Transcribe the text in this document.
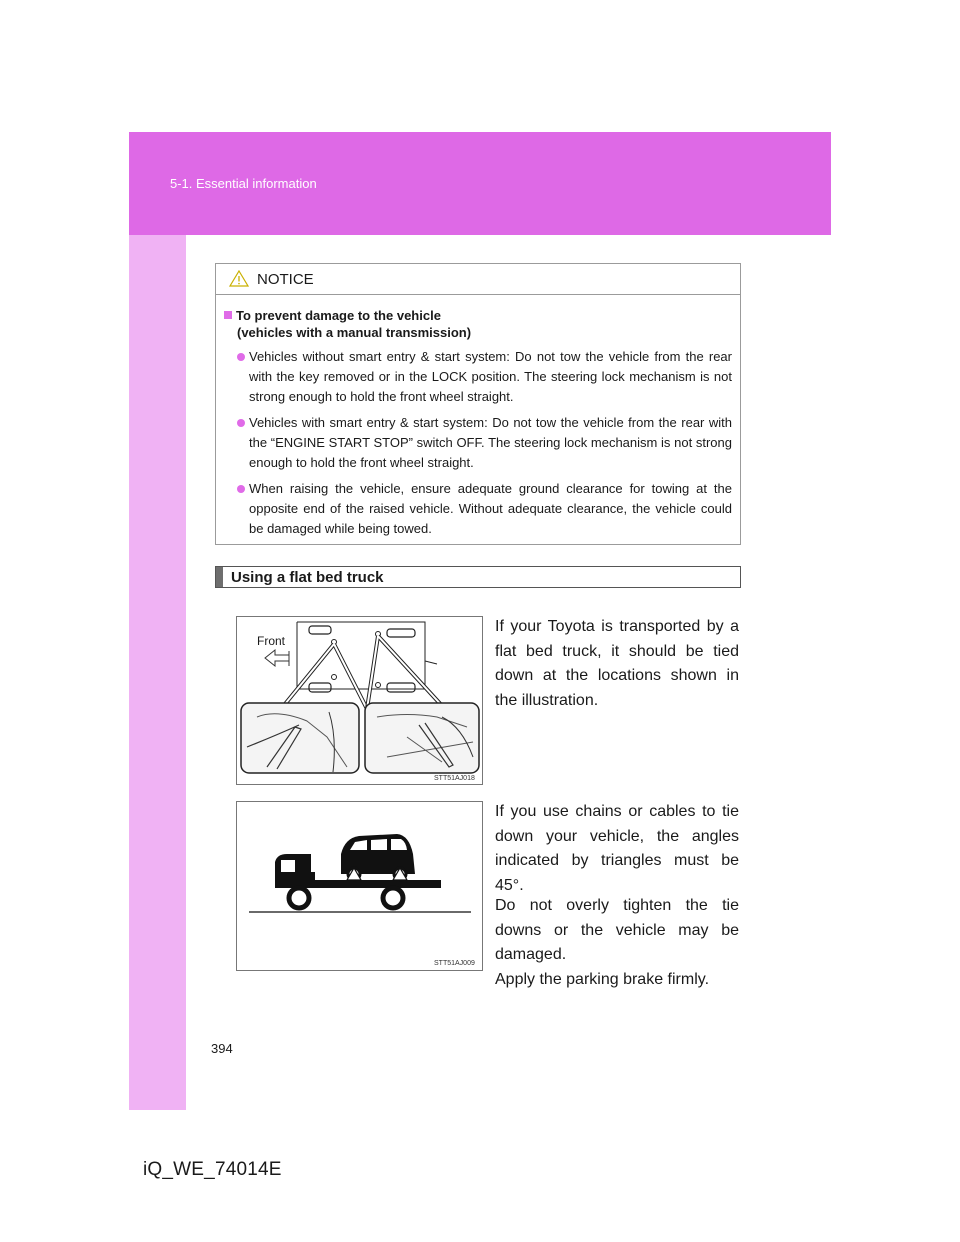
5-1. Essential information
NOTICE
To prevent damage to the vehicle
(vehicles with a manual transmission)
Vehicles without smart entry & start system: Do not tow the vehicle from the rear with the key removed or in the LOCK position. The steering lock mechanism is not strong enough to hold the front wheel straight.
Vehicles with smart entry & start system: Do not tow the vehicle from the rear with the “ENGINE START STOP” switch OFF. The steering lock mechanism is not strong enough to hold the front wheel straight.
When raising the vehicle, ensure adequate ground clearance for towing at the opposite end of the raised vehicle. Without adequate clearance, the vehicle could be damaged while being towed.
Using a flat bed truck
Front
STT51AJ018
STT51AJ009
If your Toyota is transported by a flat bed truck, it should be tied down at the locations shown in the illustration.
If you use chains or cables to tie down your vehicle, the angles indicated by triangles must be 45°.
Do not overly tighten the tie downs or the vehicle may be damaged.
Apply the parking brake firmly.
394
iQ_WE_74014E
